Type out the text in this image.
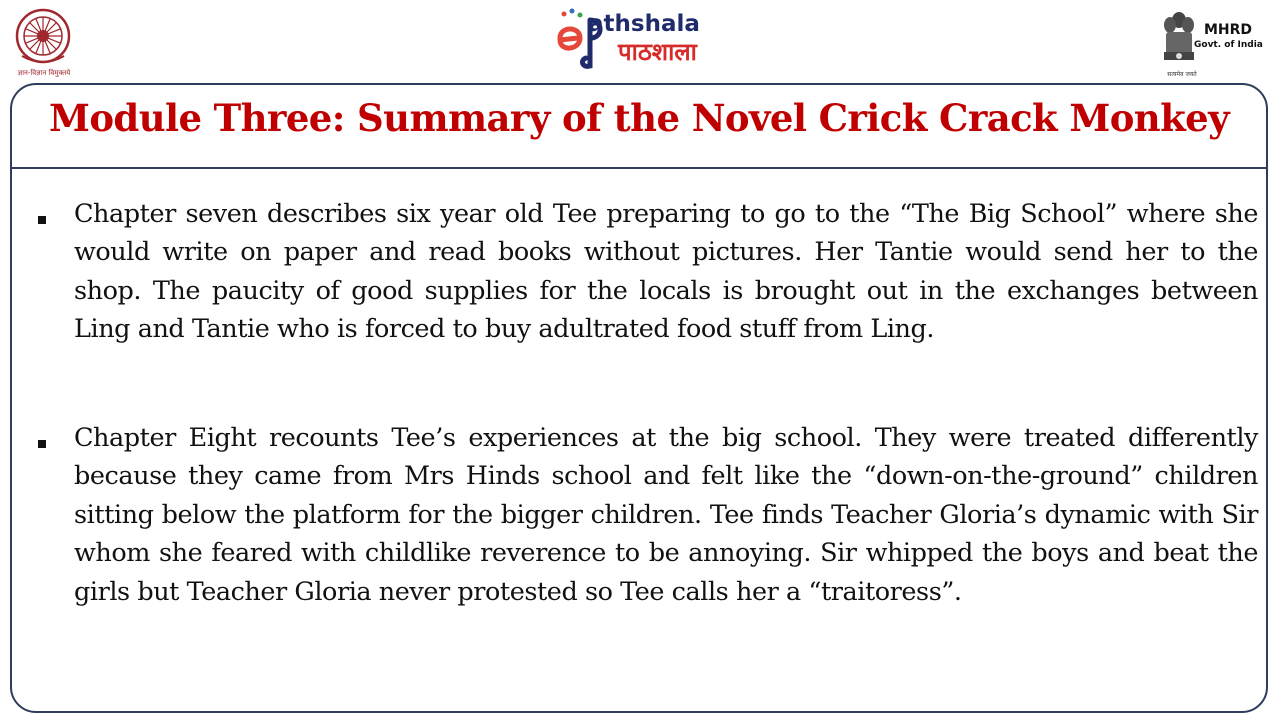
ज्ञान-विज्ञान विमुक्तये
athshala
पाठशाला
MHRD
Govt. of India
सत्यमेव जयते
Module Three: Summary of the Novel Crick Crack Monkey
Chapter seven describes six year old Tee preparing to go to the “The Big School” where she would write on paper and read books without pictures. Her Tantie would send her to the shop. The paucity of good supplies for the locals is brought out in the exchanges between Ling and Tantie who is forced to buy adultrated food stuff from Ling.
Chapter Eight recounts Tee’s experiences at the big school. They were treated differently because they came from Mrs Hinds school and felt like the “down-on-the-ground” children sitting below the platform for the bigger children. Tee finds Teacher Gloria’s dynamic with Sir whom she feared with childlike reverence to be annoying. Sir whipped the boys and beat the girls but Teacher Gloria never protested so Tee calls her a “traitoress”.
